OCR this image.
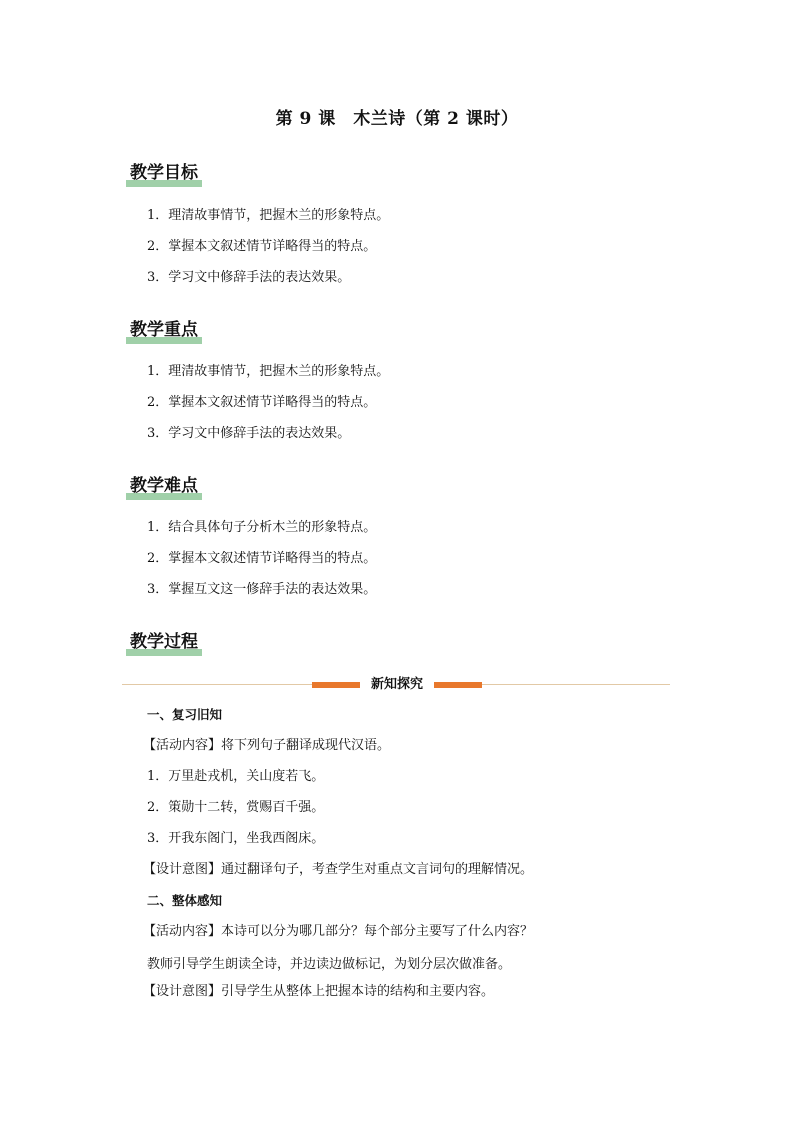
第 9 课　木兰诗（第 2 课时）
教学目标
1．理清故事情节，把握木兰的形象特点。
2．掌握本文叙述情节详略得当的特点。
3．学习文中修辞手法的表达效果。
教学重点
1．理清故事情节，把握木兰的形象特点。
2．掌握本文叙述情节详略得当的特点。
3．学习文中修辞手法的表达效果。
教学难点
1．结合具体句子分析木兰的形象特点。
2．掌握本文叙述情节详略得当的特点。
3．掌握互文这一修辞手法的表达效果。
教学过程
新知探究
一、复习旧知
【活动内容】将下列句子翻译成现代汉语。
1．万里赴戎机，关山度若飞。
2．策勋十二转，赏赐百千强。
3．开我东阁门，坐我西阁床。
【设计意图】通过翻译句子，考查学生对重点文言词句的理解情况。
二、整体感知
【活动内容】本诗可以分为哪几部分？每个部分主要写了什么内容？
教师引导学生朗读全诗，并边读边做标记，为划分层次做准备。
【设计意图】引导学生从整体上把握本诗的结构和主要内容。
